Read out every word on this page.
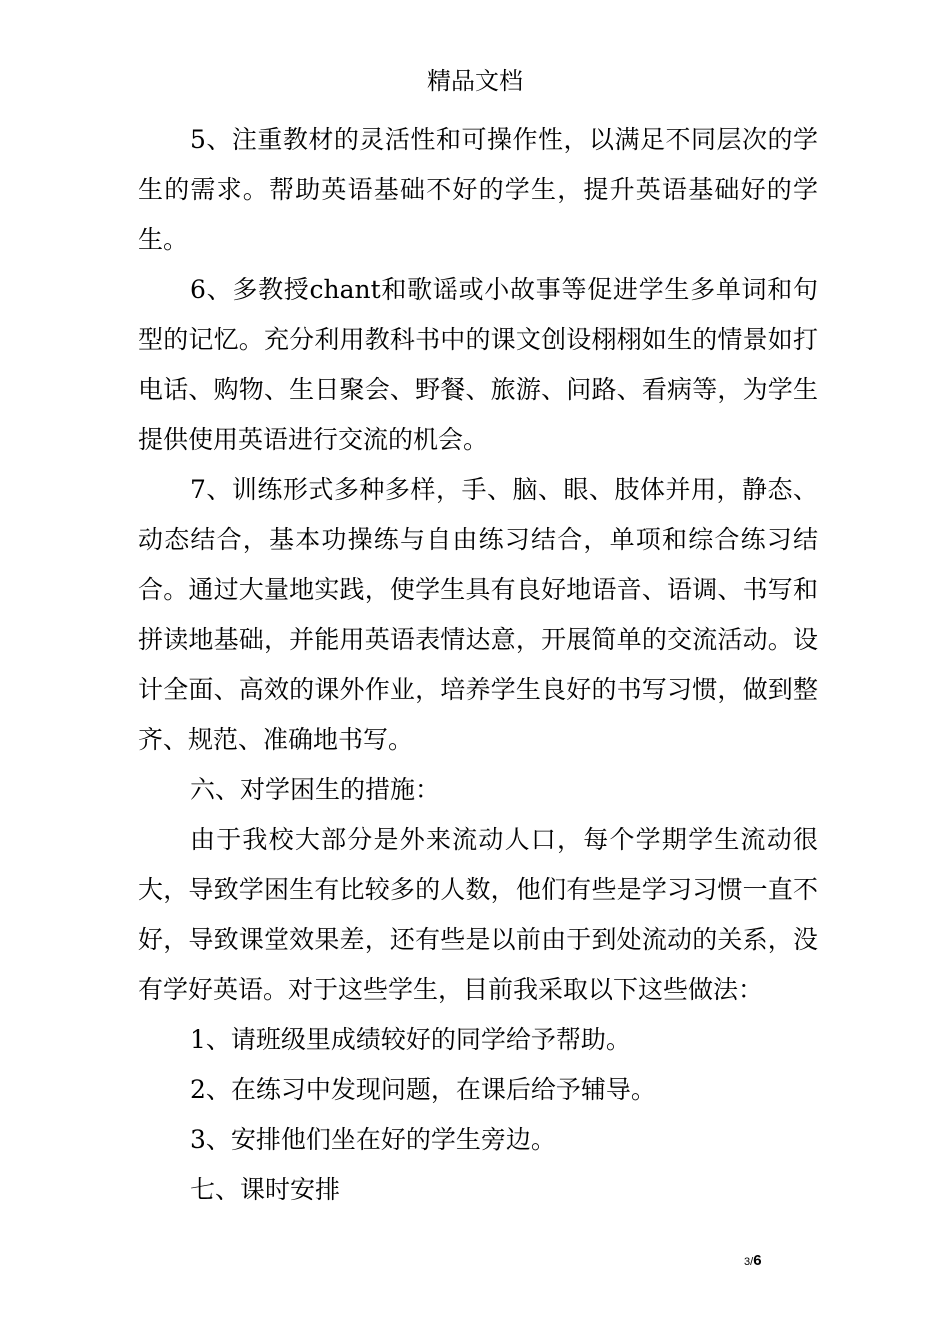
精品文档

5、注重教材的灵活性和可操作性，以满足不同层次的学生的需求。帮助英语基础不好的学生，提升英语基础好的学生。

6、多教授chant和歌谣或小故事等促进学生多单词和句型的记忆。充分利用教科书中的课文创设栩栩如生的情景如打电话、购物、生日聚会、野餐、旅游、问路、看病等，为学生提供使用英语进行交流的机会。

7、训练形式多种多样，手、脑、眼、肢体并用，静态、动态结合，基本功操练与自由练习结合，单项和综合练习结合。通过大量地实践，使学生具有良好地语音、语调、书写和拼读地基础，并能用英语表情达意，开展简单的交流活动。设计全面、高效的课外作业，培养学生良好的书写习惯，做到整齐、规范、准确地书写。

六、对学困生的措施：

由于我校大部分是外来流动人口，每个学期学生流动很大，导致学困生有比较多的人数，他们有些是学习习惯一直不好，导致课堂效果差，还有些是以前由于到处流动的关系，没有学好英语。对于这些学生，目前我采取以下这些做法：

1、请班级里成绩较好的同学给予帮助。

2、在练习中发现问题，在课后给予辅导。

3、安排他们坐在好的学生旁边。

七、课时安排

3/6
